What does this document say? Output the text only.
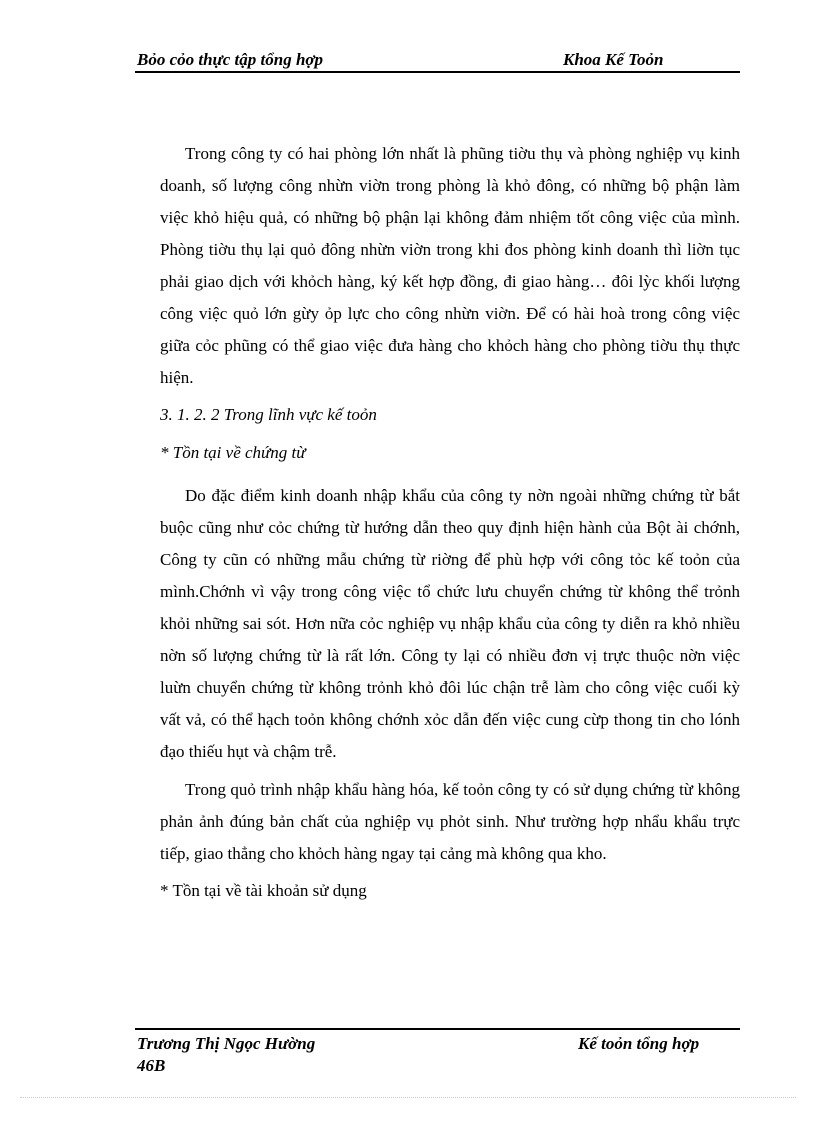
Bỏo cỏo thực tập tổng hợp	Khoa Kế Toỏn

Trong công ty có hai phòng lớn nhất là phũng tiờu thụ và phòng nghiệp vụ kinh doanh, số lượng công nhừn viờn trong phòng là khỏ đông, có những bộ phận làm việc khỏ hiệu quả, có những bộ phận lại không đảm nhiệm tốt công việc của mình. Phòng tiờu thụ lại quỏ đông nhừn viờn trong khi đos phòng kinh doanh thì liờn tục phải giao dịch với khỏch hàng, ký kết hợp đồng, đi giao hàng… đôi lỳc khối lượng công việc quỏ lớn gừy ỏp lực cho công nhừn viờn. Để có hài hoà trong công việc giữa cỏc phũng có thể giao việc đưa hàng cho khỏch hàng cho phòng tiờu thụ thực hiện.

3. 1. 2. 2 Trong lĩnh vực kế toỏn
* Tồn tại về chứng từ

Do đặc điểm kinh doanh nhập khẩu của công ty nờn ngoài những chứng từ bắt buộc cũng như cỏc chứng từ hướng dẫn theo quy định hiện hành của Bột ài chớnh, Công ty cũn có những mẫu chứng từ riờng để phù hợp với công tỏc kế toỏn của mình.Chớnh vì vậy trong công việc tổ chức lưu chuyển chứng từ không thể trỏnh khỏi những sai sót. Hơn nữa cỏc nghiệp vụ nhập khẩu của công ty diễn ra khỏ nhiều nờn số lượng chứng từ là rất lớn. Công ty lại có nhiều đơn vị trực thuộc nờn việc luừn chuyển chứng từ không trỏnh khỏ đôi lúc chận trễ làm cho công việc cuối kỳ vất vả, có thể hạch toỏn không chớnh xỏc dẫn đến việc cung cừp thong tin cho lónh đạo thiếu hụt và chậm trễ.

Trong quỏ trình nhập khẩu hàng hóa, kế toỏn công ty có sử dụng chứng từ không phản ảnh đúng bản chất của nghiệp vụ phỏt sinh. Như trường hợp nhẩu khẩu trực tiếp, giao thẳng cho khỏch hàng ngay tại cảng mà không qua kho.

* Tồn tại về tài khoản sử dụng
Trương Thị Ngọc Hường	Kế toỏn tổng hợp
46B
